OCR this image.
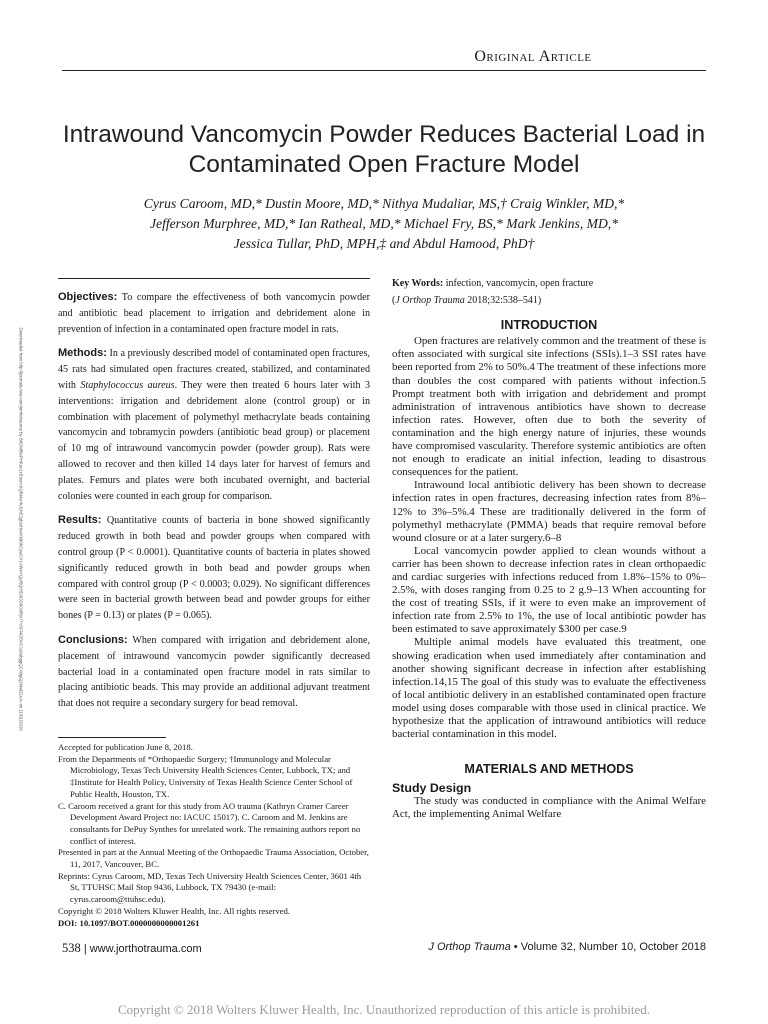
Original Article
Intrawound Vancomycin Powder Reduces Bacterial Load in Contaminated Open Fracture Model
Cyrus Caroom, MD,* Dustin Moore, MD,* Nithya Mudaliar, MS,† Craig Winkler, MD,*
Jefferson Murphree, MD,* Ian Ratheal, MD,* Michael Fry, BS,* Mark Jenkins, MD,*
Jessica Tullar, PhD, MPH,‡ and Abdul Hamood, PhD†
Downloaded from http://journals.lww.com/jorthotrauma by BhDMf5ePHKav1zEoum1tQfN4a+kJLhEZgbsIHo4XMi0hCywCX1AWnYQp/IlQrHD3i3D0OdRyi7TvSFl4Cf3VC1y0abggQZXdgGj2MwlZLeI= on 11/01/2018

Objectives: To compare the effectiveness of both vancomycin powder and antibiotic bead placement to irrigation and debridement alone in prevention of infection in a contaminated open fracture model in rats.

Methods: In a previously described model of contaminated open fractures, 45 rats had simulated open fractures created, stabilized, and contaminated with Staphylococcus aureus. They were then treated 6 hours later with 3 interventions: irrigation and debridement alone (control group) or in combination with placement of polymethyl methacrylate beads containing vancomycin and tobramycin powders (antibiotic bead group) or placement of 10 mg of intrawound vancomycin powder (powder group). Rats were allowed to recover and then killed 14 days later for harvest of femurs and plates. Femurs and plates were both incubated overnight, and bacterial colonies were counted in each group for comparison.

Results: Quantitative counts of bacteria in bone showed significantly reduced growth in both bead and powder groups when compared with control group (P < 0.0001). Quantitative counts of bacteria in plates showed significantly reduced growth in both bead and powder groups when compared with control group (P < 0.0003; 0.029). No significant differences were seen in bacterial growth between bead and powder groups for either bones (P = 0.13) or plates (P = 0.065).

Conclusions: When compared with irrigation and debridement alone, placement of intrawound vancomycin powder significantly decreased bacterial load in a contaminated open fracture model in rats similar to placing antibiotic beads. This may provide an additional adjuvant treatment that does not require a secondary surgery for bead removal.

Accepted for publication June 8, 2018.

From the Departments of *Orthopaedic Surgery; †Immunology and Molecular Microbiology, Texas Tech University Health Sciences Center, Lubbock, TX; and ‡Institute for Health Policy, University of Texas Health Science Center School of Public Health, Houston, TX.

C. Caroom received a grant for this study from AO trauma (Kathryn Cramer Career Development Award Project no: IACUC 15017). C. Caroom and M. Jenkins are consultants for DePuy Synthes for unrelated work. The remaining authors report no conflict of interest.

Presented in part at the Annual Meeting of the Orthopaedic Trauma Association, October, 11, 2017, Vancouver, BC.

Reprints: Cyrus Caroom, MD, Texas Tech University Health Sciences Center, 3601 4th St, TTUHSC Mail Stop 9436, Lubbock, TX 79430 (e-mail: cyrus.caroom@ttuhsc.edu).

Copyright © 2018 Wolters Kluwer Health, Inc. All rights reserved.

DOI: 10.1097/BOT.0000000000001261

Key Words: infection, vancomycin, open fracture

(J Orthop Trauma 2018;32:538–541)

INTRODUCTION

Open fractures are relatively common and the treatment of these is often associated with surgical site infections (SSIs).1–3 SSI rates have been reported from 2% to 50%.4 The treatment of these infections more than doubles the cost compared with patients without infection.5 Prompt treatment both with irrigation and debridement and prompt administration of intravenous antibiotics have shown to decrease infection rates. However, often due to both the severity of contamination and the high energy nature of injuries, these wounds have compromised vascularity. Therefore systemic antibiotics are often not enough to eradicate an initial infection, leading to disastrous consequences for the patient.

Intrawound local antibiotic delivery has been shown to decrease infection rates in open fractures, decreasing infection rates from 8%–12% to 3%–5%.4 These are traditionally delivered in the form of polymethyl methacrylate (PMMA) beads that require removal before wound closure or at a later surgery.6–8

Local vancomycin powder applied to clean wounds without a carrier has been shown to decrease infection rates in clean orthopaedic and cardiac surgeries with infections reduced from 1.8%–15% to 0%–2.5%, with doses ranging from 0.25 to 2 g.9–13 When accounting for the cost of treating SSIs, if it were to even make an improvement of infection rate from 2.5% to 1%, the use of local antibiotic powder has been estimated to save approximately $300 per case.9

Multiple animal models have evaluated this treatment, one showing eradication when used immediately after contamination and another showing significant decrease in infection after establishing infection.14,15 The goal of this study was to evaluate the effectiveness of local antibiotic delivery in an established contaminated open fracture model using doses comparable with those used in clinical practice. We hypothesize that the application of intrawound antibiotics will reduce bacterial contamination in this model.

MATERIALS AND METHODS

Study Design

The study was conducted in compliance with the Animal Welfare Act, the implementing Animal Welfare

538 | www.jorthotrauma.com	J Orthop Trauma • Volume 32, Number 10, October 2018
Copyright © 2018 Wolters Kluwer Health, Inc. Unauthorized reproduction of this article is prohibited.
